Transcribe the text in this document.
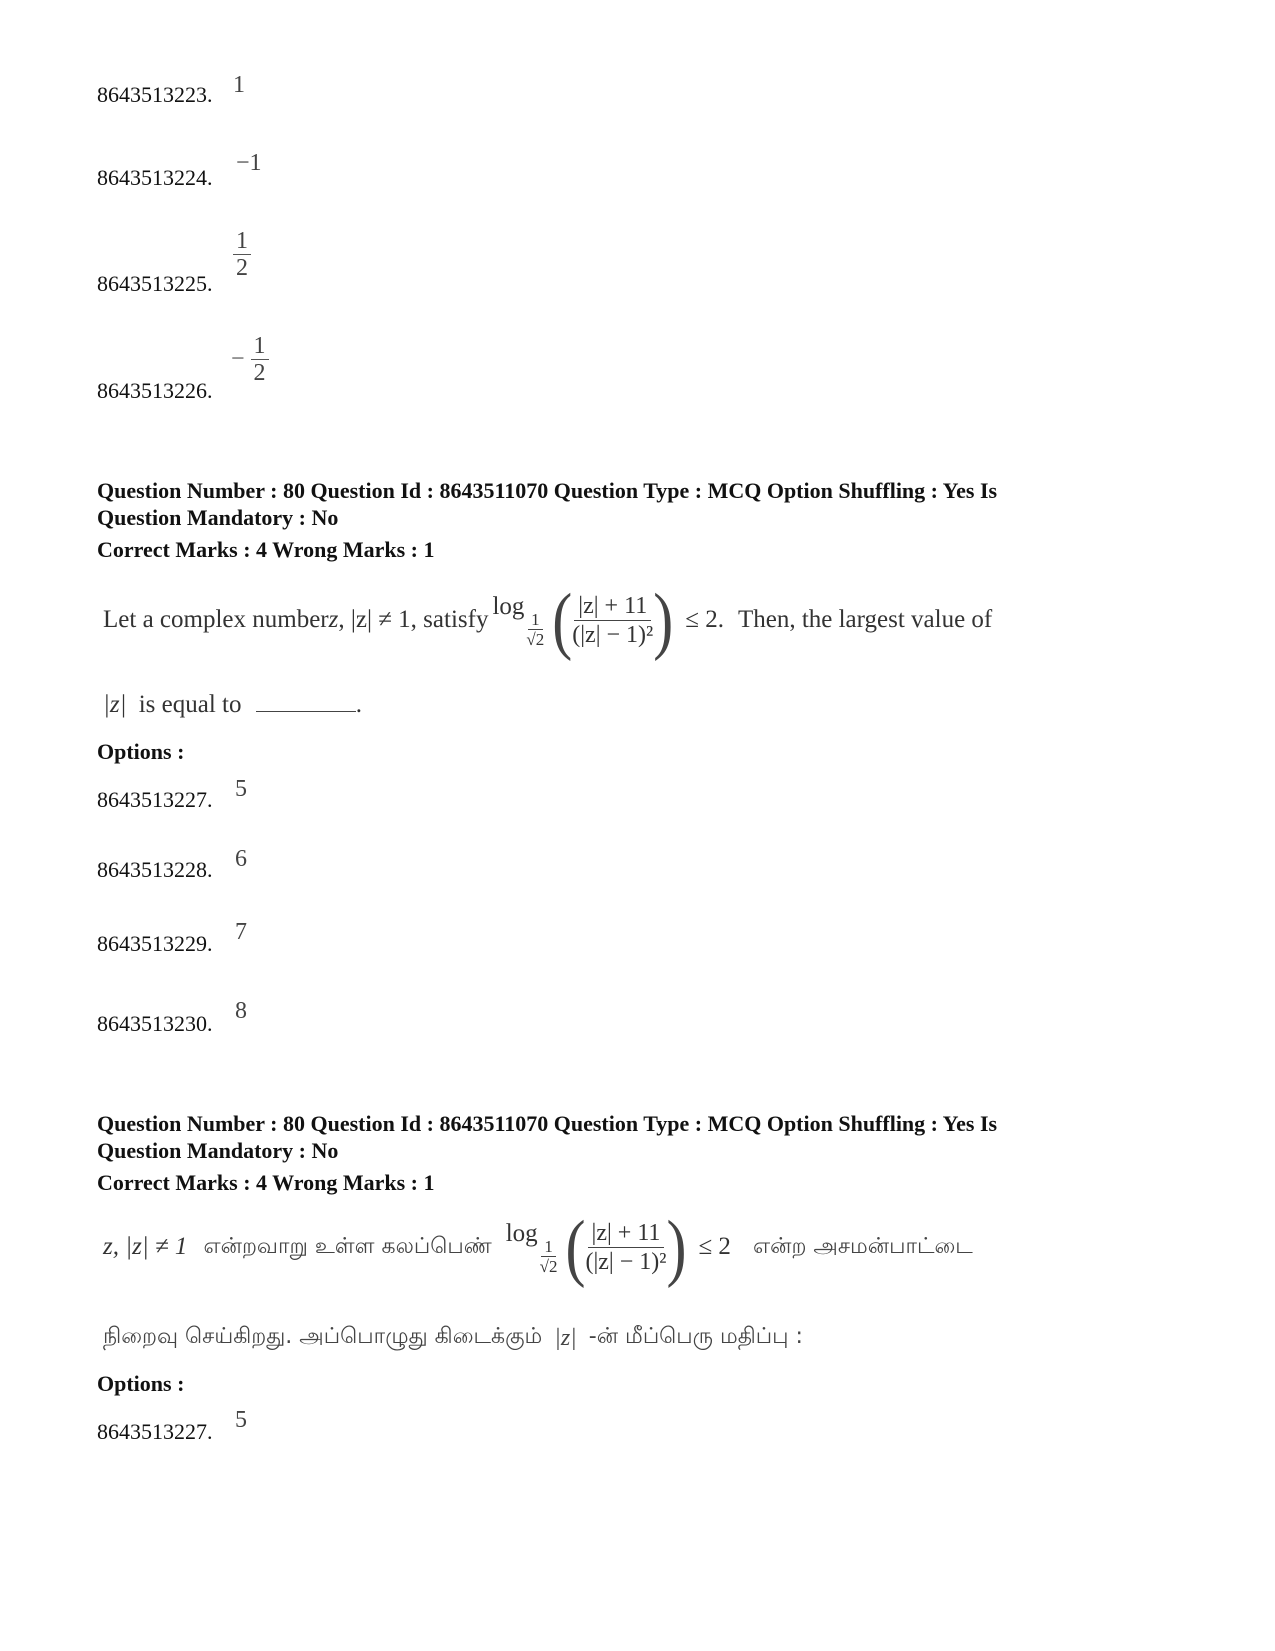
8643513223. 1
8643513224.
−1
8643513225.
$\frac{1}{2}$
8643513226.
− $\frac{1}{2}$
Question Number : 80 Question Id : 8643511070 Question Type : MCQ Option Shuffling : Yes Is
Question Mandatory : No
Correct Marks : 4 Wrong Marks : 1
Let a complex number z , |z| ≠ 1, satisfy log
$\frac{1}{√2}$ ( $\frac{|z| + 11}{\text{(|z| − 1)²}}$ ) ≤ 2. Then, the largest value of
|z| is equal to	.
Options :
8643513227. 5
8643513228. 6
8643513229. 7
8643513230. 8
Question Number : 80 Question Id : 8643511070 Question Type : MCQ Option Shuffling : Yes Is
Question Mandatory : No
Correct Marks : 4 Wrong Marks : 1
z, |z| ≠ 1 என்றவாறு உள்ள கலப்பெண் log
$\frac{1}{√2}$ ( $\frac{|z| + 11}{\text{(|z| − 1)²}}$ ) ≤ 2 என்ற அசமன்பாட்டை
நிறைவு செய்கிறது. அப்பொழுது கிடைக்கும் |z| -ன் மீப்பெரு மதிப்பு :
Options :
8643513227. 5
